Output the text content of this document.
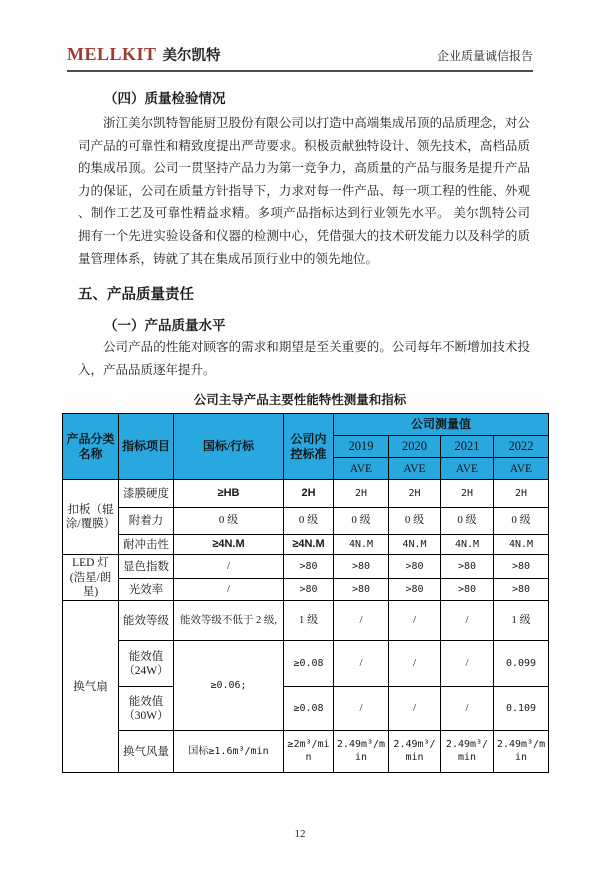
MELLKIT 美尔凯特	企业质量诚信报告
（四）质量检验情况

浙江美尔凯特智能厨卫股份有限公司以打造中高端集成吊顶的品质理念，对公司产品的可靠性和精致度提出严苛要求。积极贡献独特设计、领先技术，高档品质的集成吊顶。公司一贯坚持产品力为第一竞争力，高质量的产品与服务是提升产品力的保证，公司在质量方针指导下，力求对每一件产品、每一项工程的性能、外观 、制作工艺及可靠性精益求精。多项产品指标达到行业领先水平。 美尔凯特公司拥有一个先进实验设备和仪器的检测中心，凭借强大的技术研发能力以及科学的质量管理体系，铸就了其在集成吊顶行业中的领先地位。

五、产品质量责任
（一）产品质量水平

公司产品的性能对顾客的需求和期望是至关重要的。公司每年不断增加技术投入，产品品质逐年提升。

公司主导产品主要性能特性测量和指标
产品分类名称	指标项目	国标/行标	公司内控标准	公司测量值			
				2019	2020	2021	2022
				AVE	AVE	AVE	AVE
扣板（辊涂/覆膜）	漆膜硬度	≥HB	2H	2H	2H	2H	2H
	附着力	0 级	0 级	0 级	0 级	0 级	0 级
	耐冲击性	≥4N.M	≥4N.M	4N.M	4N.M	4N.M	4N.M
LED 灯(浩星/朗星)	显色指数	/	>80	>80	>80	>80	>80
	光效率	/	>80	>80	>80	>80	>80
换气扇	能效等级	能效等级不低于 2 级,	1 级	/	/	/	1 级
	能效值（24W）	≥0.06;	≥0.08	/	/	/	0.099
	能效值（30W）		≥0.08	/	/	/	0.109
	换气风量	国标≥1.6m³/min	≥2m³/min	2.49m³/min	2.49m³/min	2.49m³/min	2.49m³/min
12
